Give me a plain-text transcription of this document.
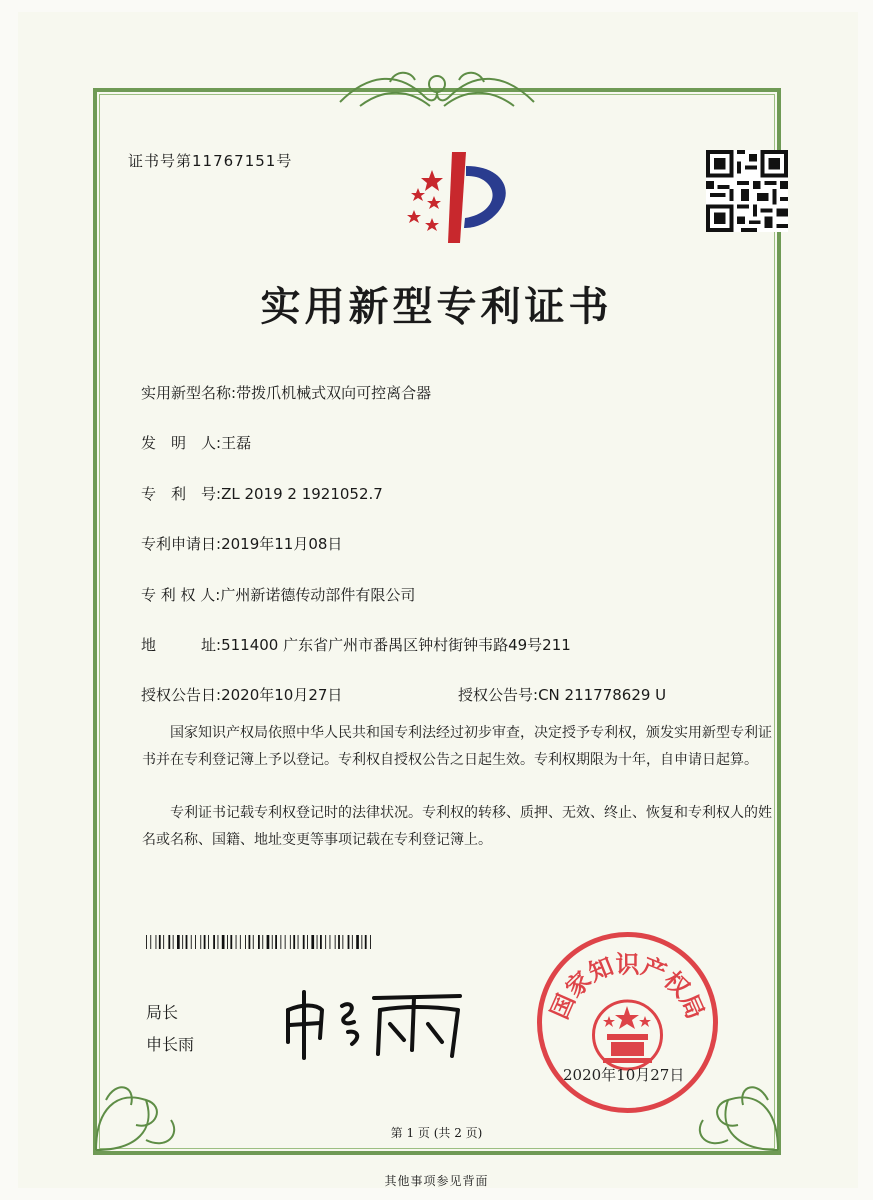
证书号第11767151号
实用新型专利证书
实用新型名称:带拨爪机械式双向可控离合器
发　明　人:王磊
专　利　号:ZL 2019 2 1921052.7
专利申请日:2019年11月08日
专 利 权 人:广州新诺德传动部件有限公司
地　　　址:511400 广东省广州市番禺区钟村街钟韦路49号211
授权公告日:2020年10月27日	授权公告号:CN 211778629 U
国家知识产权局依照中华人民共和国专利法经过初步审查，决定授予专利权，颁发实用新型专利证书并在专利登记簿上予以登记。专利权自授权公告之日起生效。专利权期限为十年，自申请日起算。
专利证书记载专利权登记时的法律状况。专利权的转移、质押、无效、终止、恢复和专利权人的姓名或名称、国籍、地址变更等事项记载在专利登记簿上。
局长
申长雨
国家知识产权局
2020年10月27日
第 1 页 (共 2 页)
其他事项参见背面
